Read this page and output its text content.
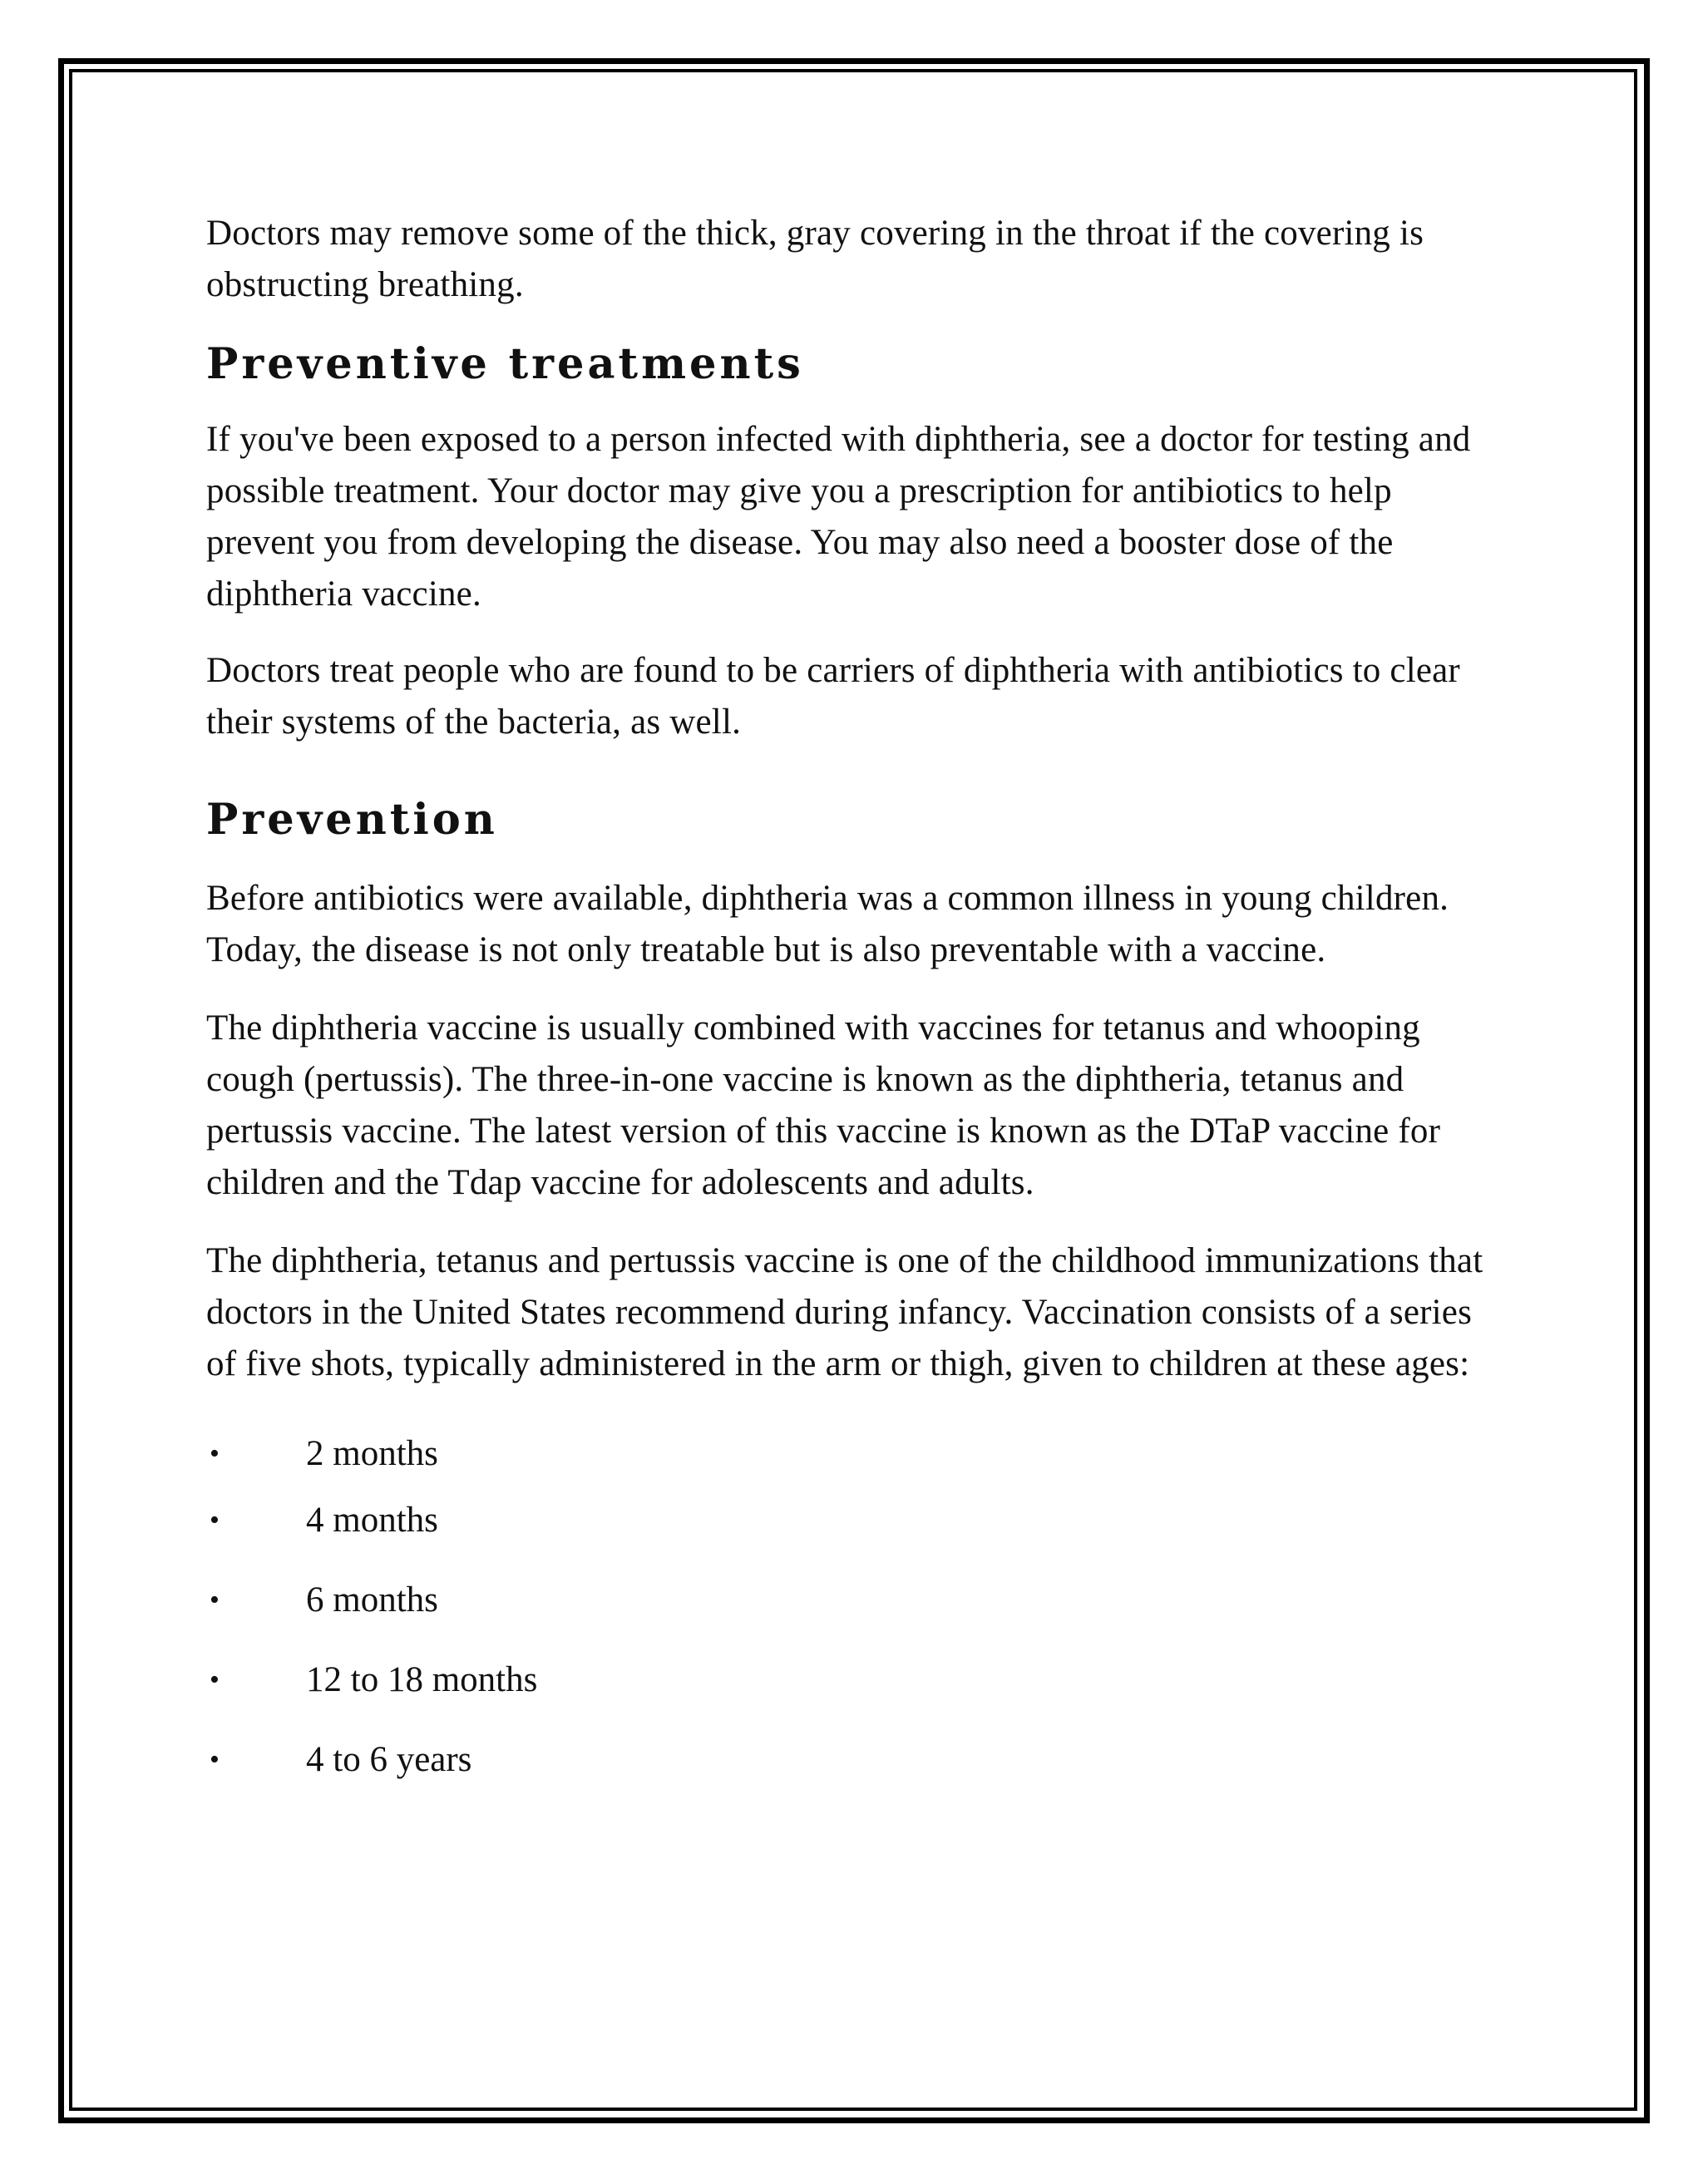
Doctors may remove some of the thick, gray covering in the throat if the covering is obstructing breathing.

Preventive treatments

If you've been exposed to a person infected with diphtheria, see a doctor for testing and possible treatment. Your doctor may give you a prescription for antibiotics to help prevent you from developing the disease. You may also need a booster dose of the diphtheria vaccine.

Doctors treat people who are found to be carriers of diphtheria with antibiotics to clear their systems of the bacteria, as well.

Prevention

Before antibiotics were available, diphtheria was a common illness in young children. Today, the disease is not only treatable but is also preventable with a vaccine.

The diphtheria vaccine is usually combined with vaccines for tetanus and whooping cough (pertussis). The three-in-one vaccine is known as the diphtheria, tetanus and pertussis vaccine. The latest version of this vaccine is known as the DTaP vaccine for children and the Tdap vaccine for adolescents and adults.

The diphtheria, tetanus and pertussis vaccine is one of the childhood immunizations that doctors in the United States recommend during infancy. Vaccination consists of a series of five shots, typically administered in the arm or thigh, given to children at these ages:

• 2 months
• 4 months
• 6 months
• 12 to 18 months
• 4 to 6 years
